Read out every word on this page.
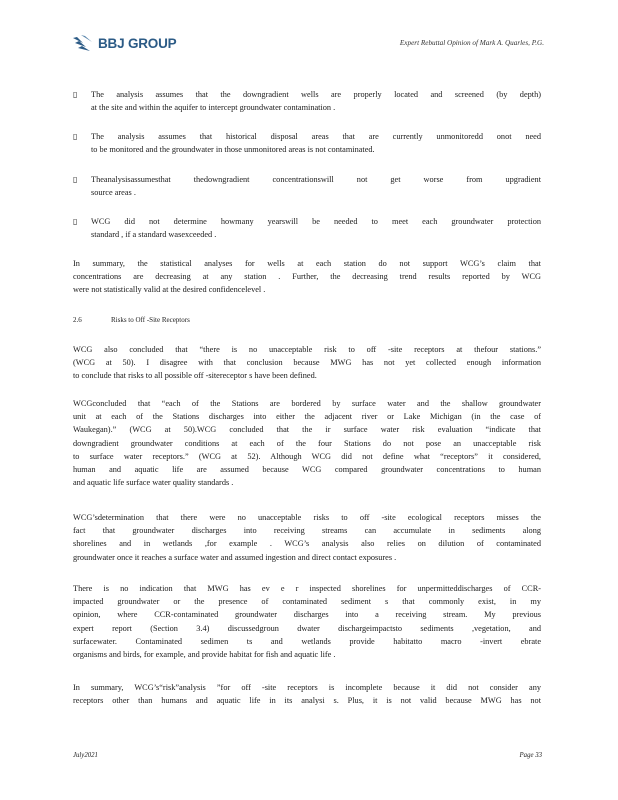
BBJ GROUP	Expert Rebuttal Opinion of Mark A. Quarles, P.G.
▯ The analysis assumes that the downgradient wells are properly located and screened (by depth)
at the site and within the aquifer to intercept groundwater contamination .
▯ The analysis assumes that historical disposal areas that are currently unmonitoredd onot need
to be monitored and the groundwater in those unmonitored areas is not contaminated.
▯ Theanalysisassumesthat thedowngradient concentrationswill not get worse from upgradient
source areas .
▯ WCG did not determine howmany yearswill be needed to meet each groundwater protection
standard , if a standard wasexceeded .
In summary, the statistical analyses for wells at each station do not support WCG’s claim that
concentrations are decreasing at any station . Further, the decreasing trend results reported by WCG
were not statistically valid at the desired confidencelevel .
2.6	Risks to Off -Site Receptors
WCG also concluded that “there is no unacceptable risk to off -site receptors at thefour stations.”
(WCG at 50). I disagree with that conclusion because MWG has not yet collected enough information
to conclude that risks to all possible off -sitereceptor s have been defined.
WCGconcluded that “each of the Stations are bordered by surface water and the shallow groundwater
unit at each of the Stations discharges into either the adjacent river or Lake Michigan (in the case of
Waukegan).” (WCG at 50).WCG concluded that the ir surface water risk evaluation “indicate that
downgradient groundwater conditions at each of the four Stations do not pose an unacceptable risk
to surface water receptors.” (WCG at 52). Although WCG did not define what “receptors” it considered,
human and aquatic life are assumed because WCG compared groundwater concentrations to human
and aquatic life surface water quality standards .
WCG’sdetermination that there were no unacceptable risks to off -site ecological receptors misses the
fact that groundwater discharges into receiving streams can accumulate in sediments along
shorelines and in wetlands ,for example . WCG’s analysis also relies on dilution of contaminated
groundwater once it reaches a surface water and assumed ingestion and direct contact exposures .
There is no indication that MWG has ev e r inspected shorelines for unpermitteddischarges of CCR-
impacted groundwater or the presence of contaminated sediment s that commonly exist, in my
opinion, where CCR-contaminated groundwater discharges into a receiving stream. My previous
expert report (Section 3.4) discussedgroun dwater dischargeimpactsto sediments ,vegetation, and
surfacewater. Contaminated sedimen ts and wetlands provide habitatto macro -invert ebrate
organisms and birds, for example, and provide habitat for fish and aquatic life .
In summary, WCG’s“risk”analysis ”for off -site receptors is incomplete because it did not consider any
receptors other than humans and aquatic life in its analysi s. Plus, it is not valid because MWG has not
July2021	Page 33
